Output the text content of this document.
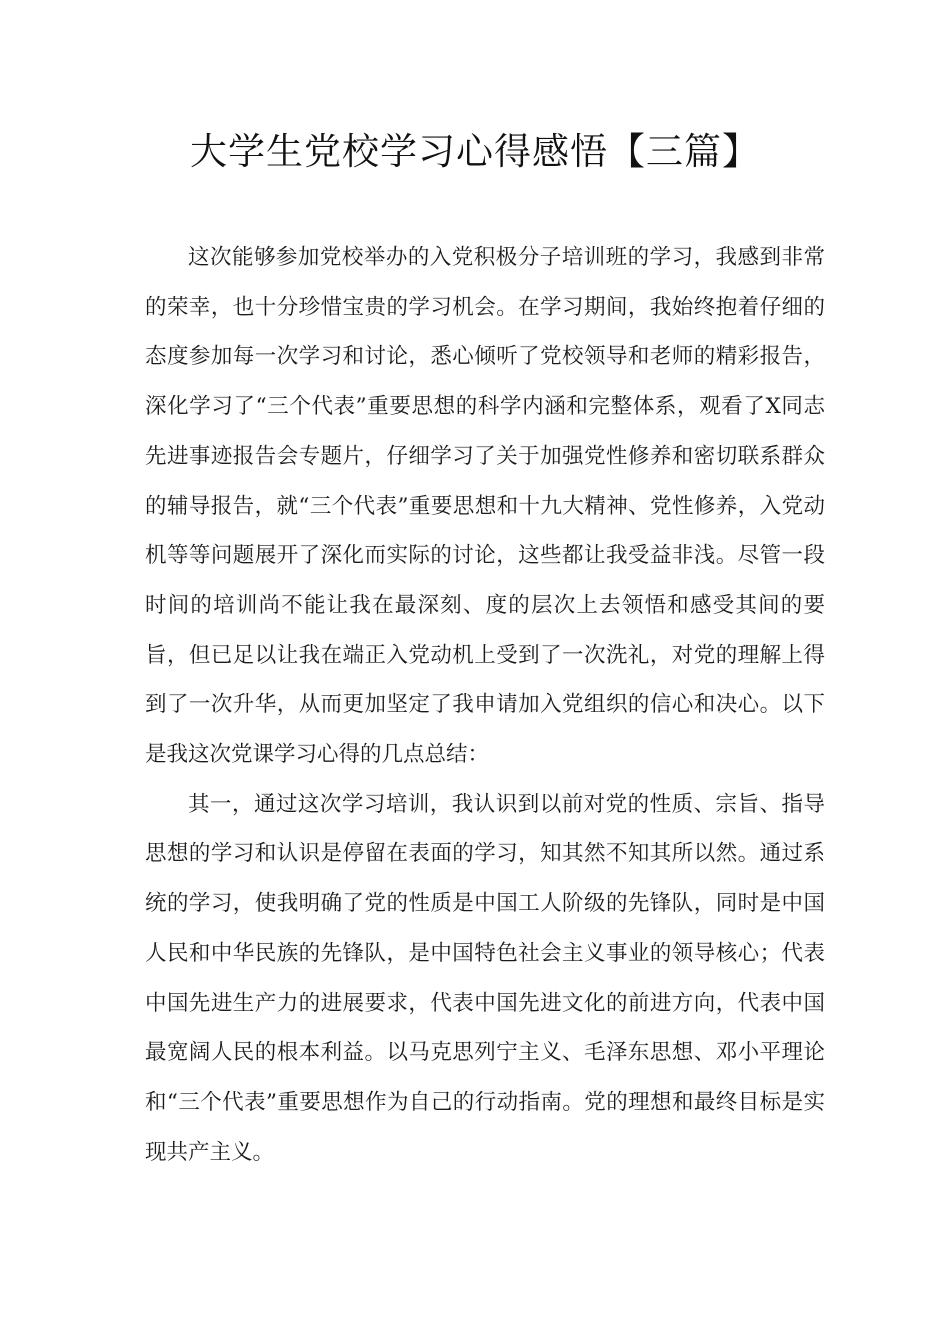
大学生党校学习心得感悟【三篇】

这次能够参加党校举办的入党积极分子培训班的学习，我感到非常的荣幸，也十分珍惜宝贵的学习机会。在学习期间，我始终抱着仔细的态度参加每一次学习和讨论，悉心倾听了党校领导和老师的精彩报告，深化学习了“三个代表”重要思想的科学内涵和完整体系，观看了X同志先进事迹报告会专题片，仔细学习了关于加强党性修养和密切联系群众的辅导报告，就“三个代表”重要思想和十九大精神、党性修养，入党动机等等问题展开了深化而实际的讨论，这些都让我受益非浅。尽管一段时间的培训尚不能让我在最深刻、度的层次上去领悟和感受其间的要旨，但已足以让我在端正入党动机上受到了一次洗礼，对党的理解上得到了一次升华，从而更加坚定了我申请加入党组织的信心和决心。以下是我这次党课学习心得的几点总结：

其一，通过这次学习培训，我认识到以前对党的性质、宗旨、指导思想的学习和认识是停留在表面的学习，知其然不知其所以然。通过系统的学习，使我明确了党的性质是中国工人阶级的先锋队，同时是中国人民和中华民族的先锋队，是中国特色社会主义事业的领导核心；代表中国先进生产力的进展要求，代表中国先进文化的前进方向，代表中国最宽阔人民的根本利益。以马克思列宁主义、毛泽东思想、邓小平理论和“三个代表”重要思想作为自己的行动指南。党的理想和最终目标是实现共产主义。
